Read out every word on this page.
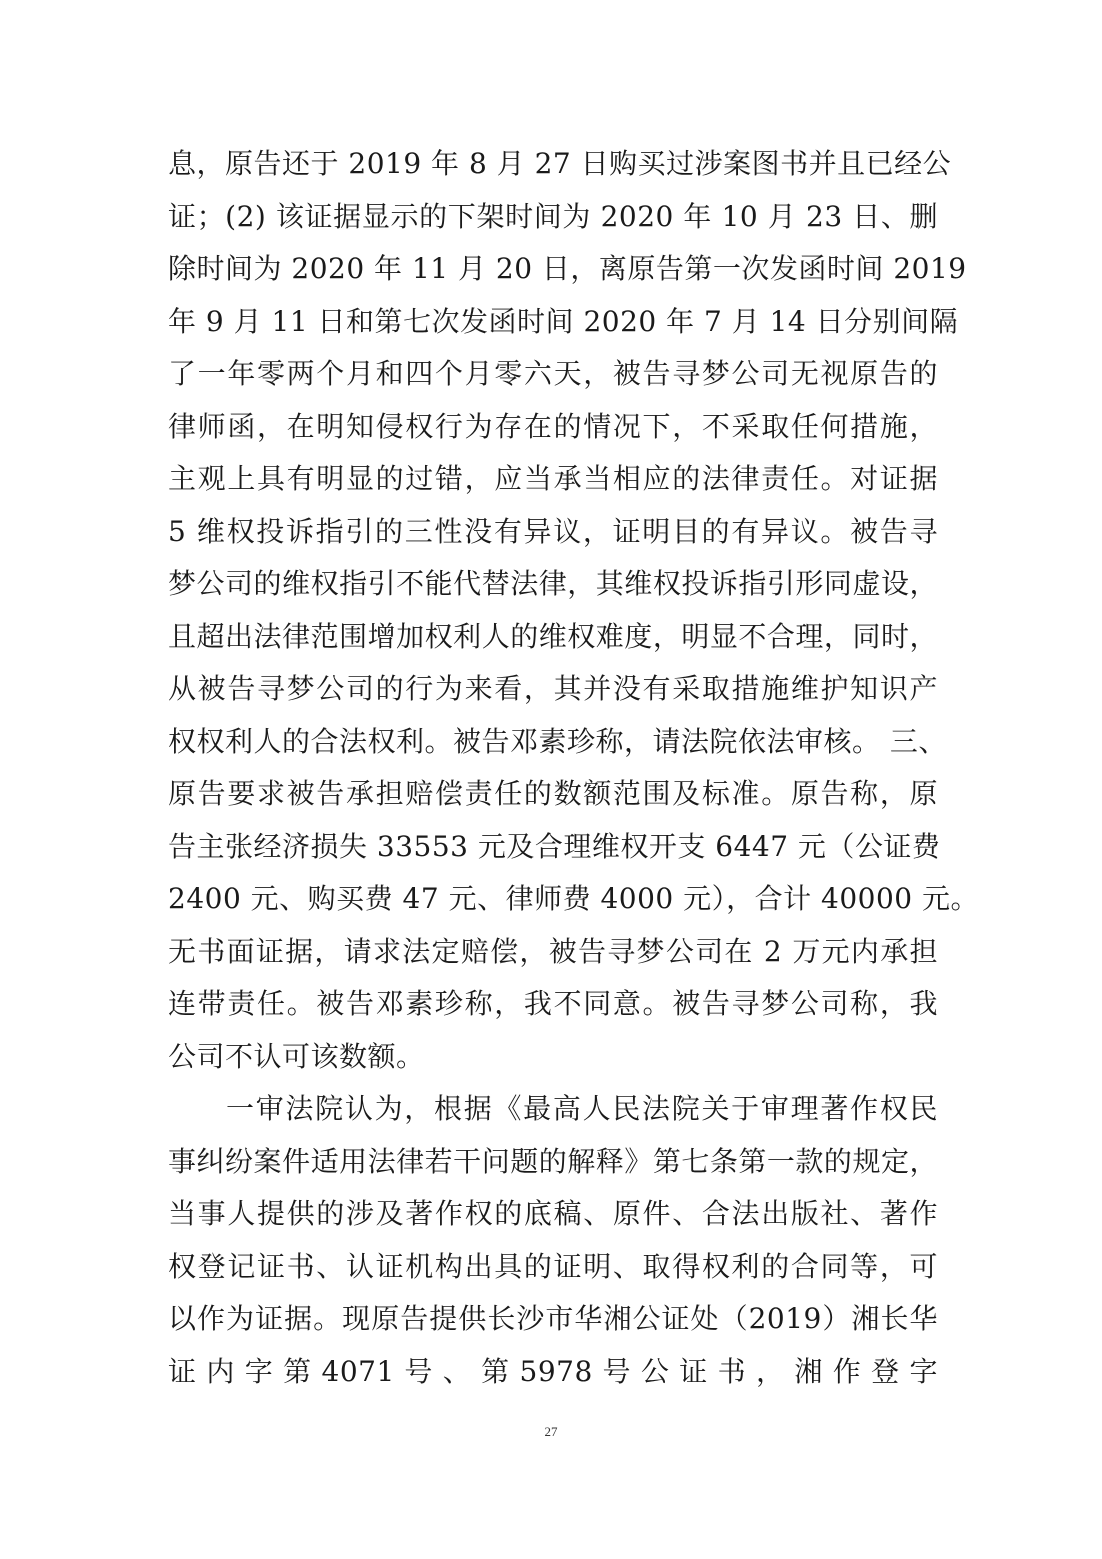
息，原告还于 2019 年 8 月 27 日购买过涉案图书并且已经公
证；(2) 该证据显示的下架时间为 2020 年 10 月 23 日、删
除时间为 2020 年 11 月 20 日，离原告第一次发函时间 2019
年 9 月 11 日和第七次发函时间 2020 年 7 月 14 日分别间隔
了一年零两个月和四个月零六天，被告寻梦公司无视原告的
律师函，在明知侵权行为存在的情况下，不采取任何措施，
主观上具有明显的过错，应当承当相应的法律责任。对证据
5 维权投诉指引的三性没有异议，证明目的有异议。被告寻
梦公司的维权指引不能代替法律，其维权投诉指引形同虚设，
且超出法律范围增加权利人的维权难度，明显不合理，同时，
从被告寻梦公司的行为来看，其并没有采取措施维护知识产
权权利人的合法权利。被告邓素珍称，请法院依法审核。 三、
原告要求被告承担赔偿责任的数额范围及标准。原告称，原
告主张经济损失 33553 元及合理维权开支 6447 元（公证费
2400 元、购买费 47 元、律师费 4000 元），合计 40000 元。
无书面证据，请求法定赔偿，被告寻梦公司在 2 万元内承担
连带责任。被告邓素珍称，我不同意。被告寻梦公司称，我
公司不认可该数额。
一审法院认为，根据《最高人民法院关于审理著作权民
事纠纷案件适用法律若干问题的解释》第七条第一款的规定，
当事人提供的涉及著作权的底稿、原件、合法出版社、著作
权登记证书、认证机构出具的证明、取得权利的合同等，可
以作为证据。现原告提供长沙市华湘公证处（2019）湘长华
证 内 字 第 4071 号 、 第 5978 号 公 证 书 ， 湘 作 登 字
27
